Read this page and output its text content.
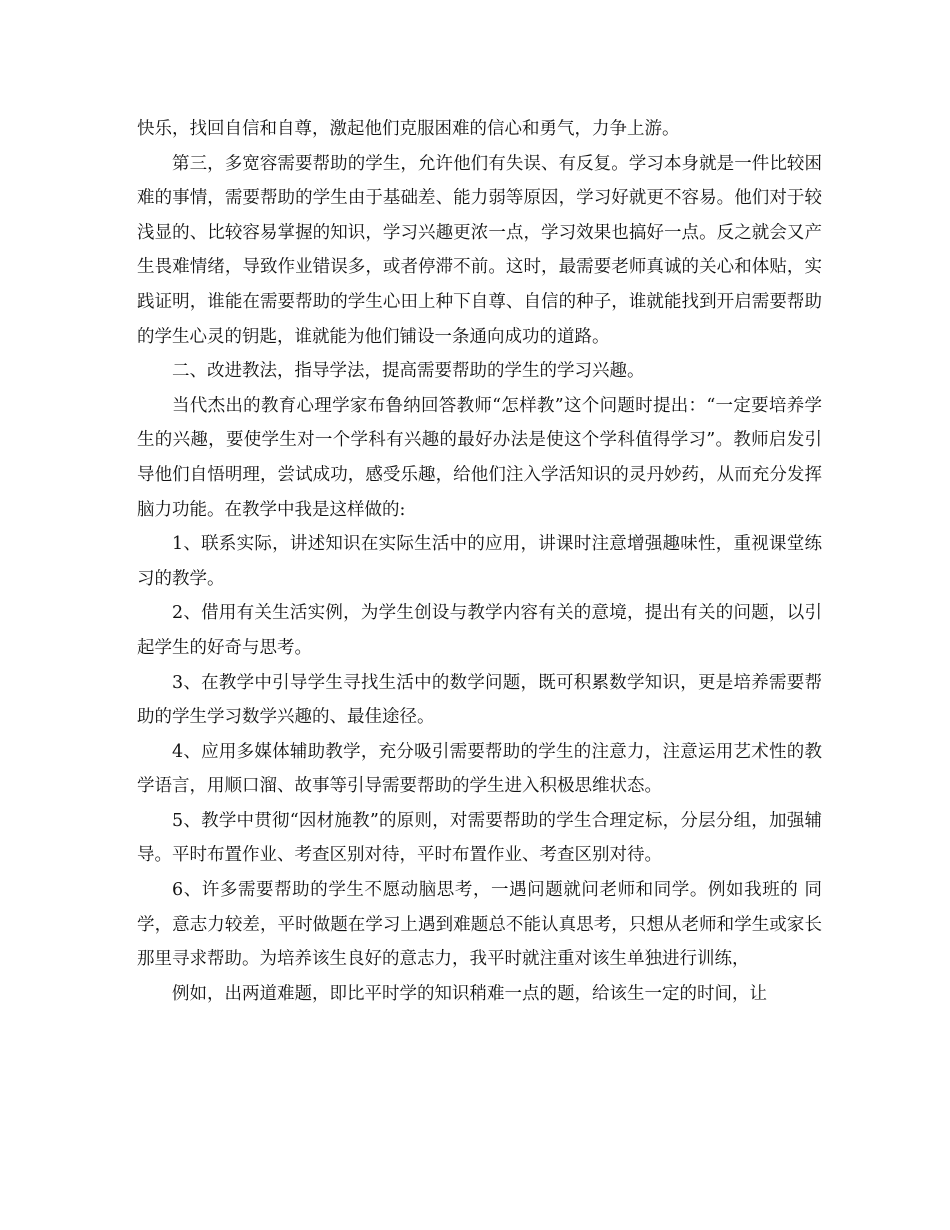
快乐，找回自信和自尊，激起他们克服困难的信心和勇气，力争上游。

第三，多宽容需要帮助的学生，允许他们有失误、有反复。学习本身就是一件比较困难的事情，需要帮助的学生由于基础差、能力弱等原因，学习好就更不容易。他们对于较浅显的、比较容易掌握的知识，学习兴趣更浓一点，学习效果也搞好一点。反之就会又产生畏难情绪，导致作业错误多，或者停滞不前。这时，最需要老师真诚的关心和体贴，实践证明，谁能在需要帮助的学生心田上种下自尊、自信的种子，谁就能找到开启需要帮助的学生心灵的钥匙，谁就能为他们铺设一条通向成功的道路。

二、改进教法，指导学法，提高需要帮助的学生的学习兴趣。

当代杰出的教育心理学家布鲁纳回答教师“怎样教”这个问题时提出：“一定要培养学生的兴趣，要使学生对一个学科有兴趣的最好办法是使这个学科值得学习”。教师启发引导他们自悟明理，尝试成功，感受乐趣，给他们注入学活知识的灵丹妙药，从而充分发挥脑力功能。在教学中我是这样做的:

1、联系实际，讲述知识在实际生活中的应用，讲课时注意增强趣味性，重视课堂练习的教学。

2、借用有关生活实例，为学生创设与教学内容有关的意境，提出有关的问题，以引起学生的好奇与思考。

3、在教学中引导学生寻找生活中的数学问题，既可积累数学知识，更是培养需要帮助的学生学习数学兴趣的、最佳途径。

4、应用多媒体辅助教学，充分吸引需要帮助的学生的注意力，注意运用艺术性的教学语言，用顺口溜、故事等引导需要帮助的学生进入积极思维状态。

5、教学中贯彻“因材施教”的原则，对需要帮助的学生合理定标，分层分组，加强辅导。平时布置作业、考查区别对待，平时布置作业、考查区别对待。

6、许多需要帮助的学生不愿动脑思考，一遇问题就问老师和同学。例如我班的 同学，意志力较差，平时做题在学习上遇到难题总不能认真思考，只想从老师和学生或家长那里寻求帮助。为培养该生良好的意志力，我平时就注重对该生单独进行训练，

例如，出两道难题，即比平时学的知识稍难一点的题，给该生一定的时间，让
